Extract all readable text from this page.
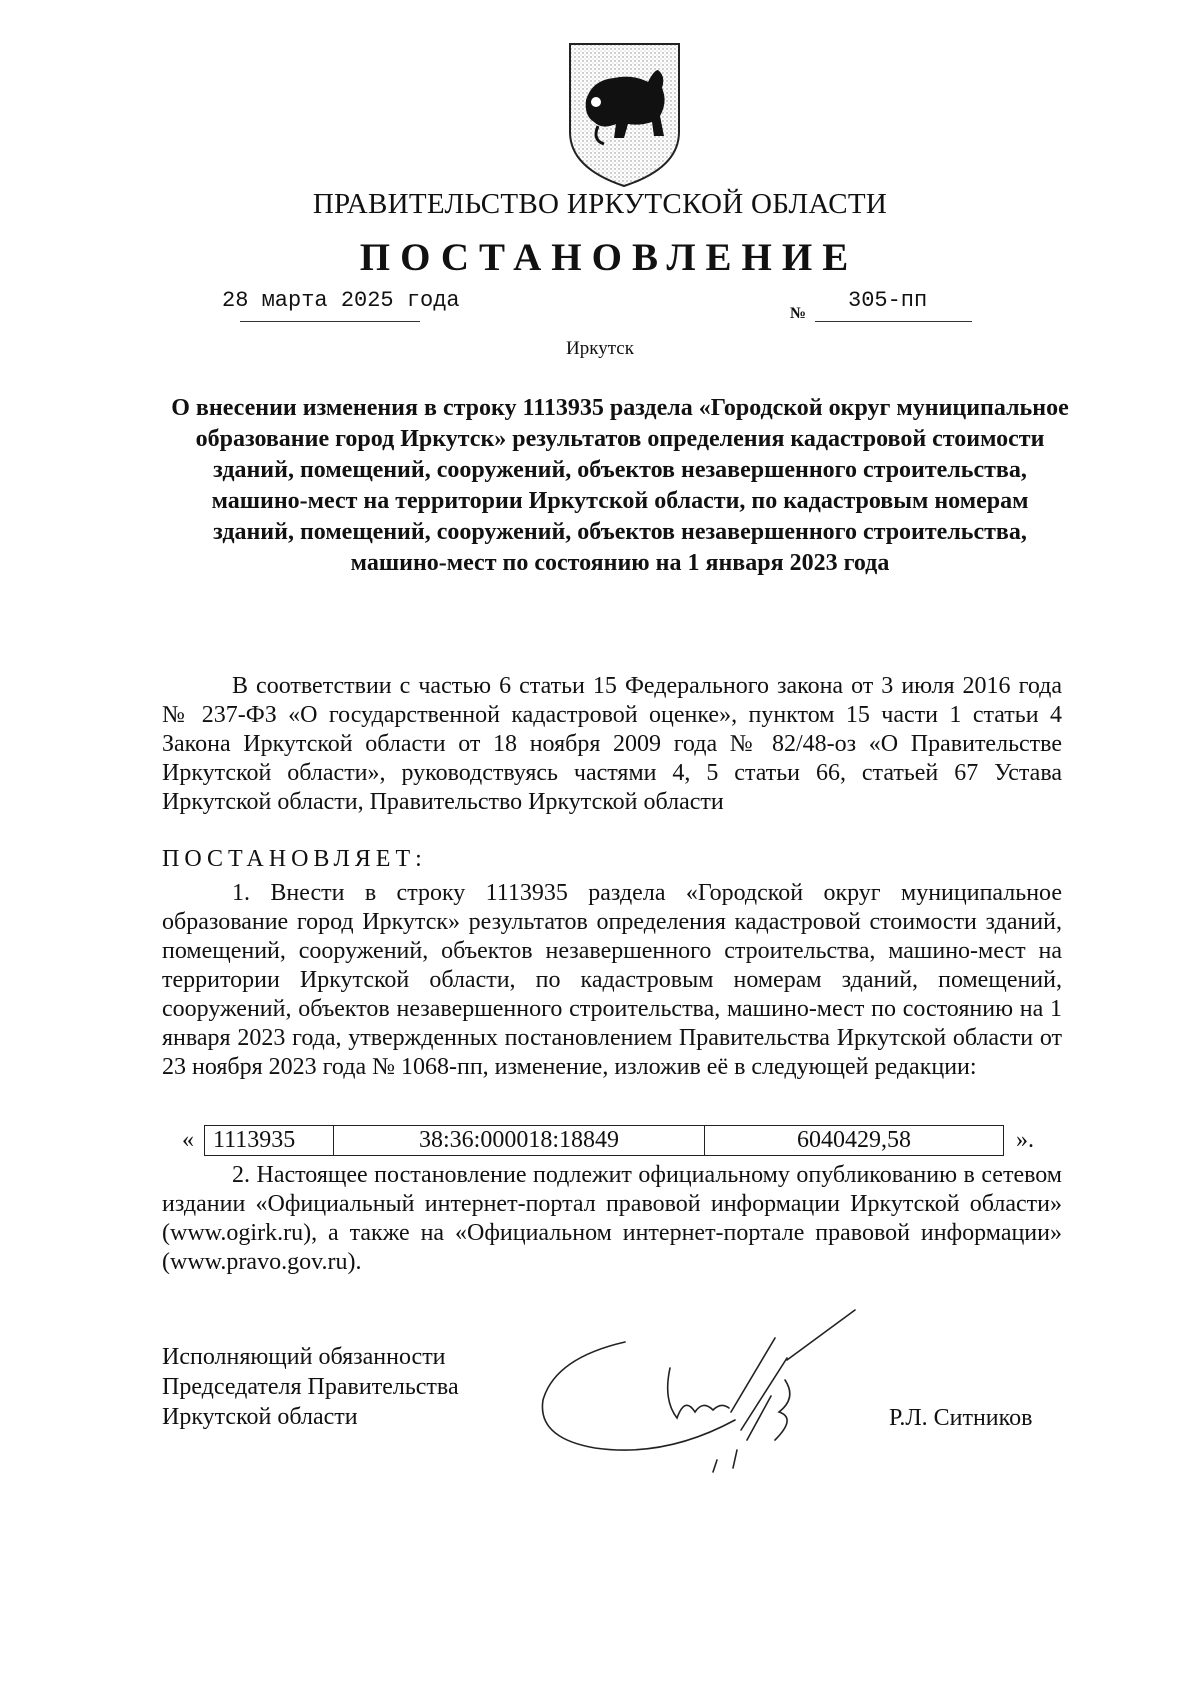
ПРАВИТЕЛЬСТВО ИРКУТСКОЙ ОБЛАСТИ
ПОСТАНОВЛЕНИЕ
28 марта 2025 года
№
305-пп
Иркутск
О внесении изменения в строку 1113935 раздела «Городской округ муниципальное образование город Иркутск» результатов определения кадастровой стоимости зданий, помещений, сооружений, объектов незавершенного строительства, машино-мест на территории Иркутской области, по кадастровым номерам зданий, помещений, сооружений, объектов незавершенного строительства, машино-мест по состоянию на 1 января 2023 года

В соответствии с частью 6 статьи 15 Федерального закона от 3 июля 2016 года № 237-ФЗ «О государственной кадастровой оценке», пунктом 15 части 1 статьи 4 Закона Иркутской области от 18 ноября 2009 года № 82/48-оз «О Правительстве Иркутской области», руководствуясь частями 4, 5 статьи 66, статьей 67 Устава Иркутской области, Правительство Иркутской области

ПОСТАНОВЛЯЕТ:

1. Внести в строку 1113935 раздела «Городской округ муниципальное образование город Иркутск» результатов определения кадастровой стоимости зданий, помещений, сооружений, объектов незавершенного строительства, машино-мест на территории Иркутской области, по кадастровым номерам зданий, помещений, сооружений, объектов незавершенного строительства, машино-мест по состоянию на 1 января 2023 года, утвержденных постановлением Правительства Иркутской области от 23 ноября 2023 года № 1068-пп, изменение, изложив её в следующей редакции:

« 1113935	38:36:000018:18849	6040429,58	».

2. Настоящее постановление подлежит официальному опубликованию в сетевом издании «Официальный интернет-портал правовой информации Иркутской области» (www.ogirk.ru), а также на «Официальном интернет-портале правовой информации» (www.pravo.gov.ru).

Исполняющий обязанности
Председателя Правительства
Иркутской области	Р.Л. Ситников
